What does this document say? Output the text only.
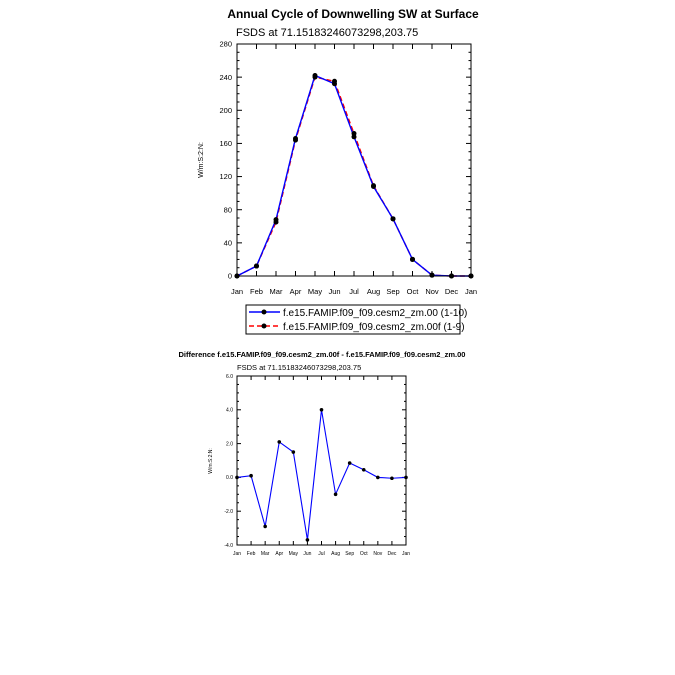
Annual Cycle of Downwelling SW at Surface
FSDS at 71.15183246073298,203.75
W/m:S:2:N:
0
40
80
120
160
200
240
280
Jan Feb Mar Apr May Jun Jul Aug Sep Oct Nov Dec Jan
f.e15.FAMIP.f09_f09.cesm2_zm.00 (1-10)
f.e15.FAMIP.f09_f09.cesm2_zm.00f (1-9)
Difference f.e15.FAMIP.f09_f09.cesm2_zm.00f - f.e15.FAMIP.f09_f09.cesm2_zm.00
FSDS at 71.15183246073298,203.75
W/m:S:2:N:
-4.0
-2.0
0.0
2.0
4.0
6.0
Jan Feb Mar Apr May Jun Jul Aug Sep Oct Nov Dec Jan
